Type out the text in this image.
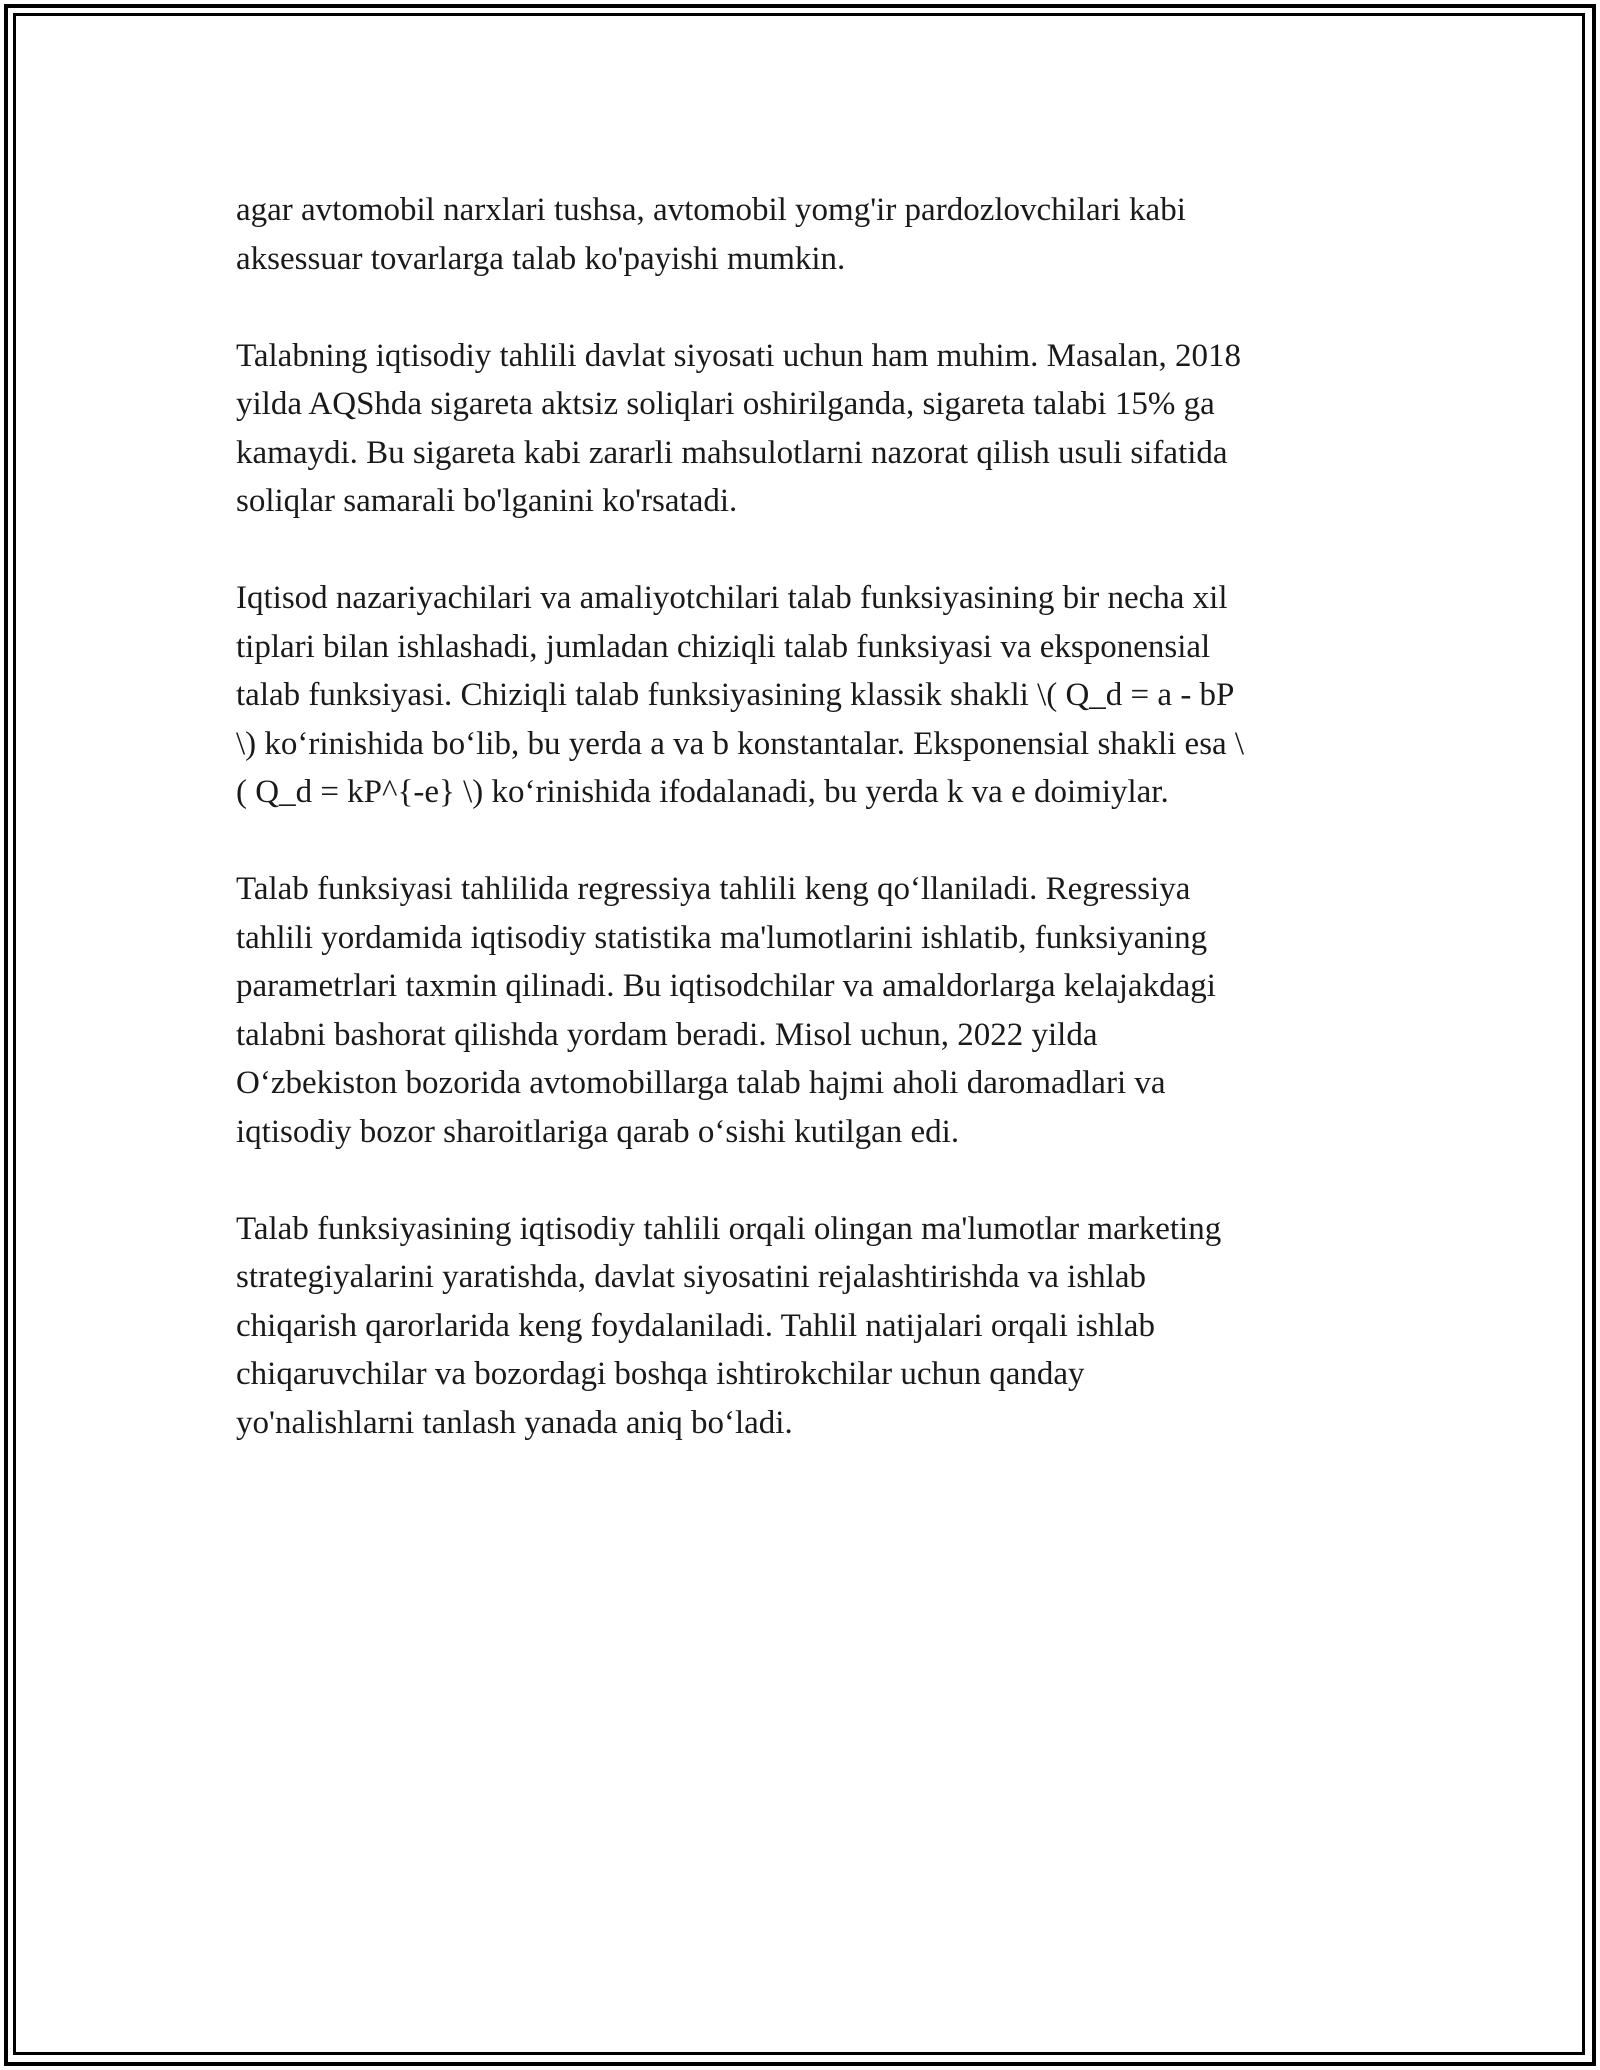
agar avtomobil narxlari tushsa, avtomobil yomg'ir pardozlovchilari kabi
aksessuar tovarlarga talab ko'payishi mumkin.

Talabning iqtisodiy tahlili davlat siyosati uchun ham muhim. Masalan, 2018
yilda AQShda sigareta aktsiz soliqlari oshirilganda, sigareta talabi 15% ga
kamaydi. Bu sigareta kabi zararli mahsulotlarni nazorat qilish usuli sifatida
soliqlar samarali bo'lganini ko'rsatadi.

Iqtisod nazariyachilari va amaliyotchilari talab funksiyasining bir necha xil
tiplari bilan ishlashadi, jumladan chiziqli talab funksiyasi va eksponensial
talab funksiyasi. Chiziqli talab funksiyasining klassik shakli \( Q_d = a - bP
\) ko‘rinishida bo‘lib, bu yerda a va b konstantalar. Eksponensial shakli esa \
( Q_d = kP^{-e} \) ko‘rinishida ifodalanadi, bu yerda k va e doimiylar.

Talab funksiyasi tahlilida regressiya tahlili keng qo‘llaniladi. Regressiya
tahlili yordamida iqtisodiy statistika ma'lumotlarini ishlatib, funksiyaning
parametrlari taxmin qilinadi. Bu iqtisodchilar va amaldorlarga kelajakdagi
talabni bashorat qilishda yordam beradi. Misol uchun, 2022 yilda
O‘zbekiston bozorida avtomobillarga talab hajmi aholi daromadlari va
iqtisodiy bozor sharoitlariga qarab o‘sishi kutilgan edi.

Talab funksiyasining iqtisodiy tahlili orqali olingan ma'lumotlar marketing
strategiyalarini yaratishda, davlat siyosatini rejalashtirishda va ishlab
chiqarish qarorlarida keng foydalaniladi. Tahlil natijalari orqali ishlab
chiqaruvchilar va bozordagi boshqa ishtirokchilar uchun qanday
yo'nalishlarni tanlash yanada aniq bo‘ladi.
